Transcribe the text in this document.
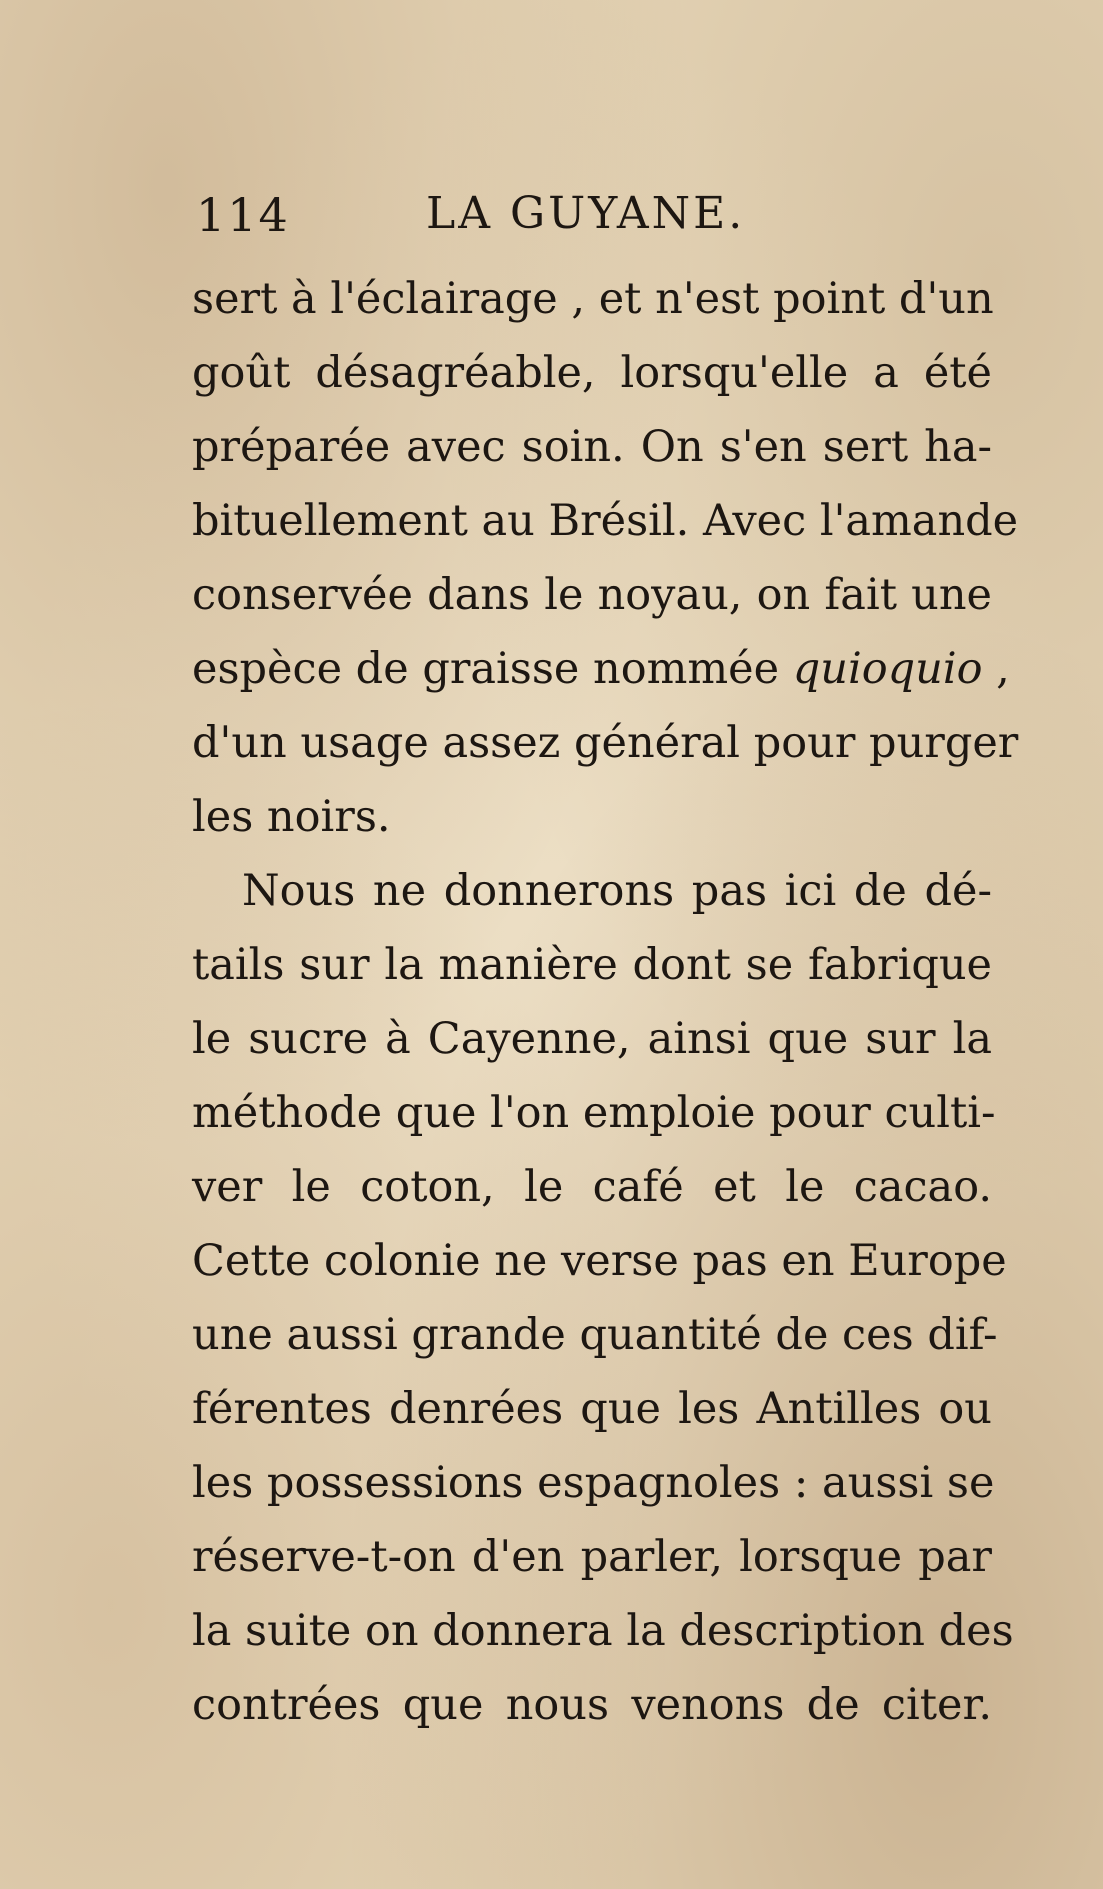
114	LA GUYANE.
sert à l'éclairage , et n'est point d'un
goût désagréable, lorsqu'elle a été
préparée avec soin. On s'en sert ha-
bituellement au Brésil. Avec l'amande
conservée dans le noyau, on fait une
espèce de graisse nommée quioquio ,
d'un usage assez général pour purger
les noirs.
Nous ne donnerons pas ici de dé-
tails sur la manière dont se fabrique
le sucre à Cayenne, ainsi que sur la
méthode que l'on emploie pour culti-
ver le coton, le café et le cacao.
Cette colonie ne verse pas en Europe
une aussi grande quantité de ces dif-
férentes denrées que les Antilles ou
les possessions espagnoles : aussi se
réserve-t-on d'en parler, lorsque par
la suite on donnera la description des
contrées que nous venons de citer.
